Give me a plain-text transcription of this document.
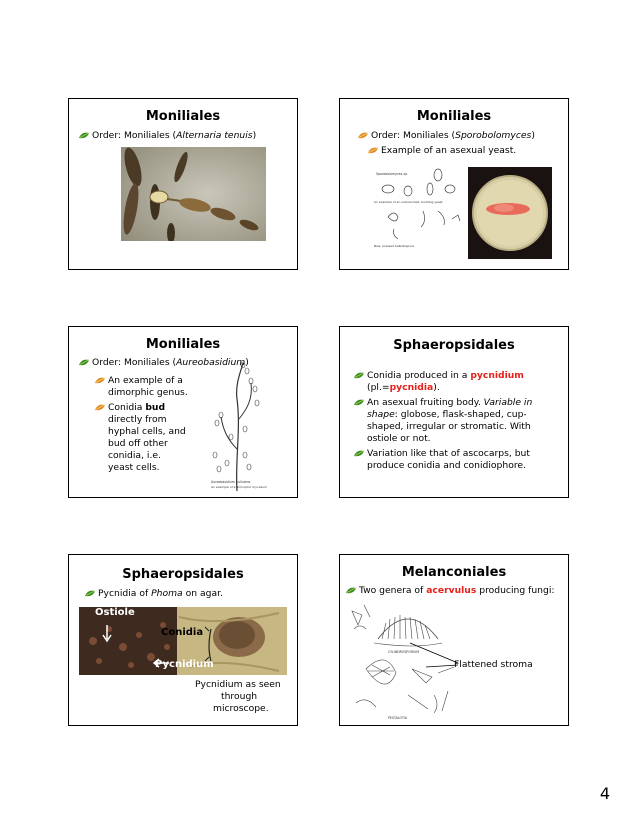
Moniliales
Order: Moniliales (Alternaria tenuis)
Moniliales
Order: Moniliales (Sporobolomyces)
Example of an asexual yeast.
Sporobolomyces sp.
An example of an unbranched, budding yeast
Bais, pressed ballistospore
Moniliales
Order: Moniliales (Aureobasidium)
An example of a
dimorphic genus.
Conidia bud
directly from
hyphal cells, and
bud off other
conidia, i.e.
yeast cells.
Aureobasidium pullulans
An example of a dimorphic mycelium
Sphaeropsidales
Conidia produced in a pycnidium
(pl.=pycnidia).
An asexual fruiting body. Variable in
shape: globose, flask-shaped, cup-
shaped, irregular or stromatic. With
ostiole or not.
Variation like that of ascocarps, but
produce conidia and conidiophore.
Sphaeropsidales
Pycnidia of Phoma on agar.
Ostiole
Conidia
Pycnidium
Pycnidium as seen
through
microscope.
Melanconiales
Two genera of acervulus producing fungi:
CYLINDROSPORIUM
PESTALOTIA
Flattened stroma
4
